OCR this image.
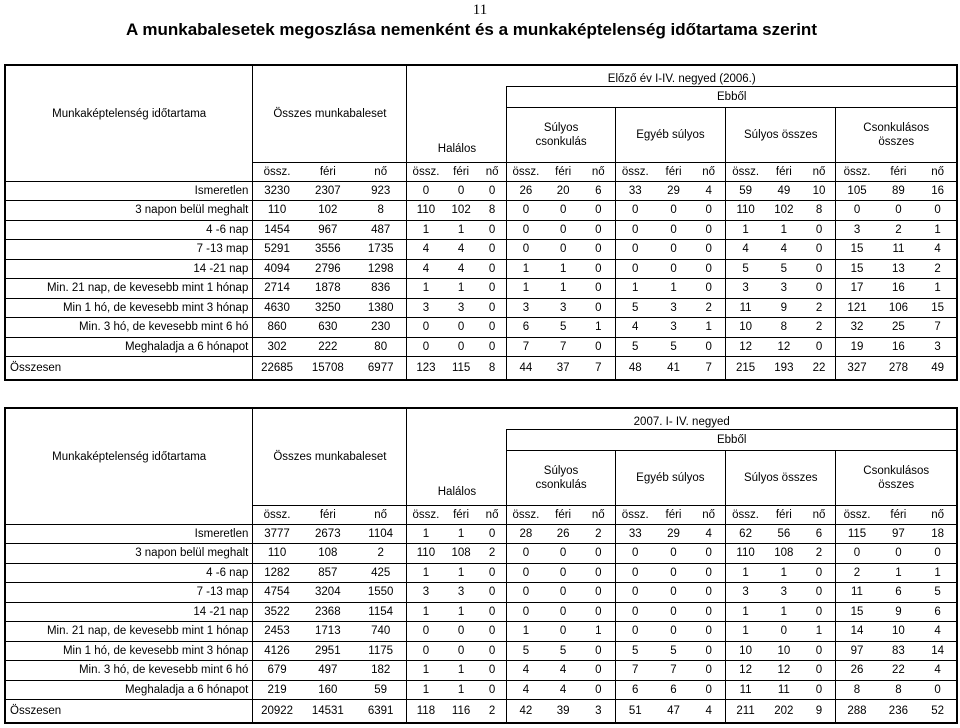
11
A munkabalesetek megoszlása nemenként és a munkaképtelenség időtartama szerint
Munkaképtelenség időtartama	Összes munkabaleset			Előző év I-IV. negyed (2006.)														
				Halálos			Ebből											
							Súlyos csonkulás			Egyéb súlyos			Súlyos összes			Csonkulásos összes		
	össz.	féri	nő	össz.	féri	nő	össz.	féri	nő	össz.	féri	nő	össz.	féri	nő	össz.	féri	nő
Ismeretlen	3230	2307	923	0	0	0	26	20	6	33	29	4	59	49	10	105	89	16
3 napon belül meghalt	110	102	8	110	102	8	0	0	0	0	0	0	110	102	8	0	0	0
4 -6 nap	1454	967	487	1	1	0	0	0	0	0	0	0	1	1	0	3	2	1
7 -13 map	5291	3556	1735	4	4	0	0	0	0	0	0	0	4	4	0	15	11	4
14 -21 nap	4094	2796	1298	4	4	0	1	1	0	0	0	0	5	5	0	15	13	2
Min. 21 nap, de kevesebb mint 1 hónap	2714	1878	836	1	1	0	1	1	0	1	1	0	3	3	0	17	16	1
Min 1 hó, de kevesebb mint 3 hónap	4630	3250	1380	3	3	0	3	3	0	5	3	2	11	9	2	121	106	15
Min. 3 hó, de kevesebb mint 6 hó	860	630	230	0	0	0	6	5	1	4	3	1	10	8	2	32	25	7
Meghaladja a 6 hónapot	302	222	80	0	0	0	7	7	0	5	5	0	12	12	0	19	16	3
Összesen	22685	15708	6977	123	115	8	44	37	7	48	41	7	215	193	22	327	278	49
Munkaképtelenség időtartama	Összes munkabaleset			2007. I- IV. negyed														
				Halálos			Ebből											
							Súlyos csonkulás			Egyéb súlyos			Súlyos összes			Csonkulásos összes		
	össz.	féri	nő	össz.	féri	nő	össz.	féri	nő	össz.	féri	nő	össz.	féri	nő	össz.	féri	nő
Ismeretlen	3777	2673	1104	1	1	0	28	26	2	33	29	4	62	56	6	115	97	18
3 napon belül meghalt	110	108	2	110	108	2	0	0	0	0	0	0	110	108	2	0	0	0
4 -6 nap	1282	857	425	1	1	0	0	0	0	0	0	0	1	1	0	2	1	1
7 -13 map	4754	3204	1550	3	3	0	0	0	0	0	0	0	3	3	0	11	6	5
14 -21 nap	3522	2368	1154	1	1	0	0	0	0	0	0	0	1	1	0	15	9	6
Min. 21 nap, de kevesebb mint 1 hónap	2453	1713	740	0	0	0	1	0	1	0	0	0	1	0	1	14	10	4
Min 1 hó, de kevesebb mint 3 hónap	4126	2951	1175	0	0	0	5	5	0	5	5	0	10	10	0	97	83	14
Min. 3 hó, de kevesebb mint 6 hó	679	497	182	1	1	0	4	4	0	7	7	0	12	12	0	26	22	4
Meghaladja a 6 hónapot	219	160	59	1	1	0	4	4	0	6	6	0	11	11	0	8	8	0
Összesen	20922	14531	6391	118	116	2	42	39	3	51	47	4	211	202	9	288	236	52
